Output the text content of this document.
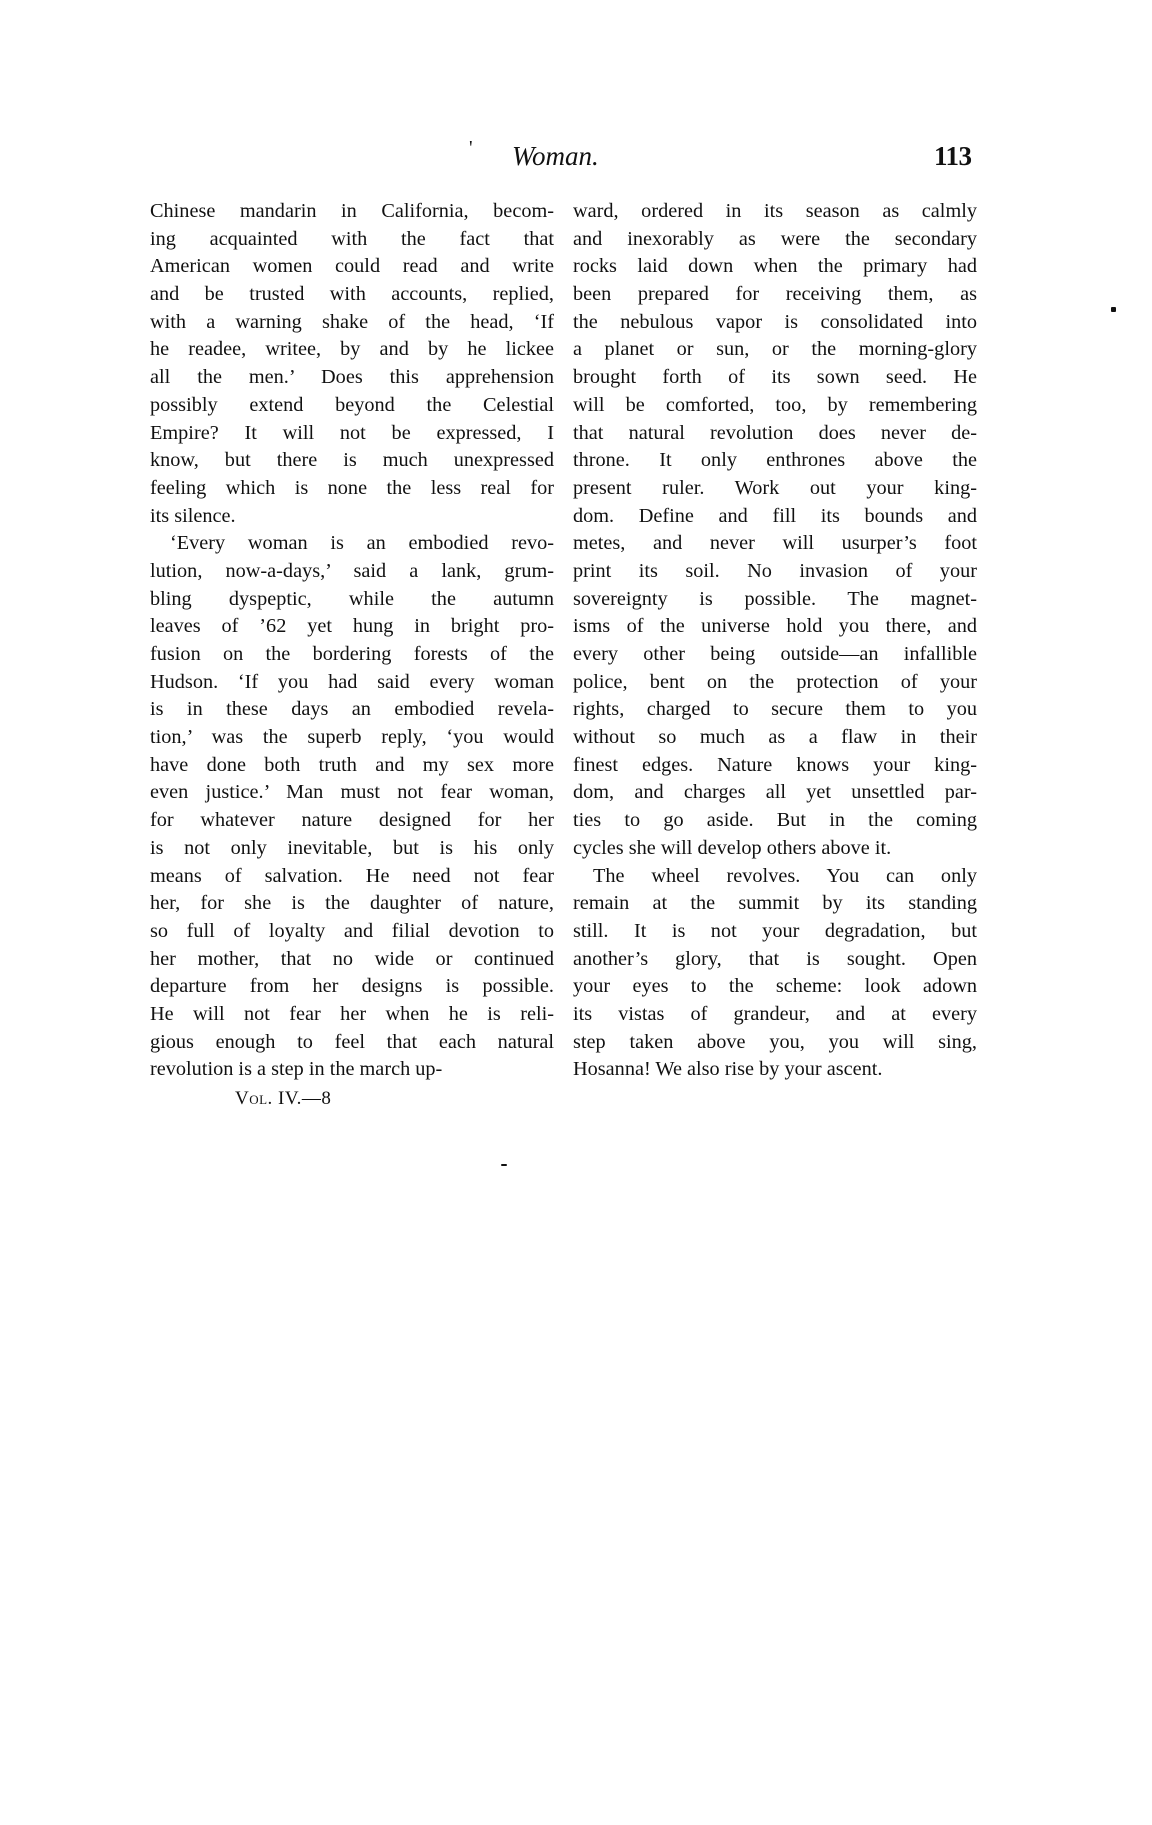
' Woman.	113
Chinese mandarin in California, becom-
ing acquainted with the fact that
American women could read and write
and be trusted with accounts, replied,
with a warning shake of the head, ‘If
he readee, writee, by and by he lickee
all the men.’ Does this apprehension
possibly extend beyond the Celestial
Empire? It will not be expressed, I
know, but there is much unexpressed
feeling which is none the less real for
its silence.
‘Every woman is an embodied revo-
lution, now-a-days,’ said a lank, grum-
bling dyspeptic, while the autumn
leaves of ’62 yet hung in bright pro-
fusion on the bordering forests of the
Hudson. ‘If you had said every woman
is in these days an embodied revela-
tion,’ was the superb reply, ‘you would
have done both truth and my sex more
even justice.’ Man must not fear woman,
for whatever nature designed for her
is not only inevitable, but is his only
means of salvation. He need not fear
her, for she is the daughter of nature,
so full of loyalty and filial devotion to
her mother, that no wide or continued
departure from her designs is possible.
He will not fear her when he is reli-
gious enough to feel that each natural
revolution is a step in the march up-
ward, ordered in its season as calmly
and inexorably as were the secondary
rocks laid down when the primary had
been prepared for receiving them, as
the nebulous vapor is consolidated into
a planet or sun, or the morning-glory
brought forth of its sown seed. He
will be comforted, too, by remembering
that natural revolution does never de-
throne. It only enthrones above the
present ruler. Work out your king-
dom. Define and fill its bounds and
metes, and never will usurper’s foot
print its soil. No invasion of your
sovereignty is possible. The magnet-
isms of the universe hold you there, and
every other being outside—an infallible
police, bent on the protection of your
rights, charged to secure them to you
without so much as a flaw in their
finest edges. Nature knows your king-
dom, and charges all yet unsettled par-
ties to go aside. But in the coming
cycles she will develop others above it.
The wheel revolves. You can only
remain at the summit by its standing
still. It is not your degradation, but
another’s glory, that is sought. Open
your eyes to the scheme: look adown
its vistas of grandeur, and at every
step taken above you, you will sing,
Hosanna! We also rise by your ascent.
Vol. IV.—8
